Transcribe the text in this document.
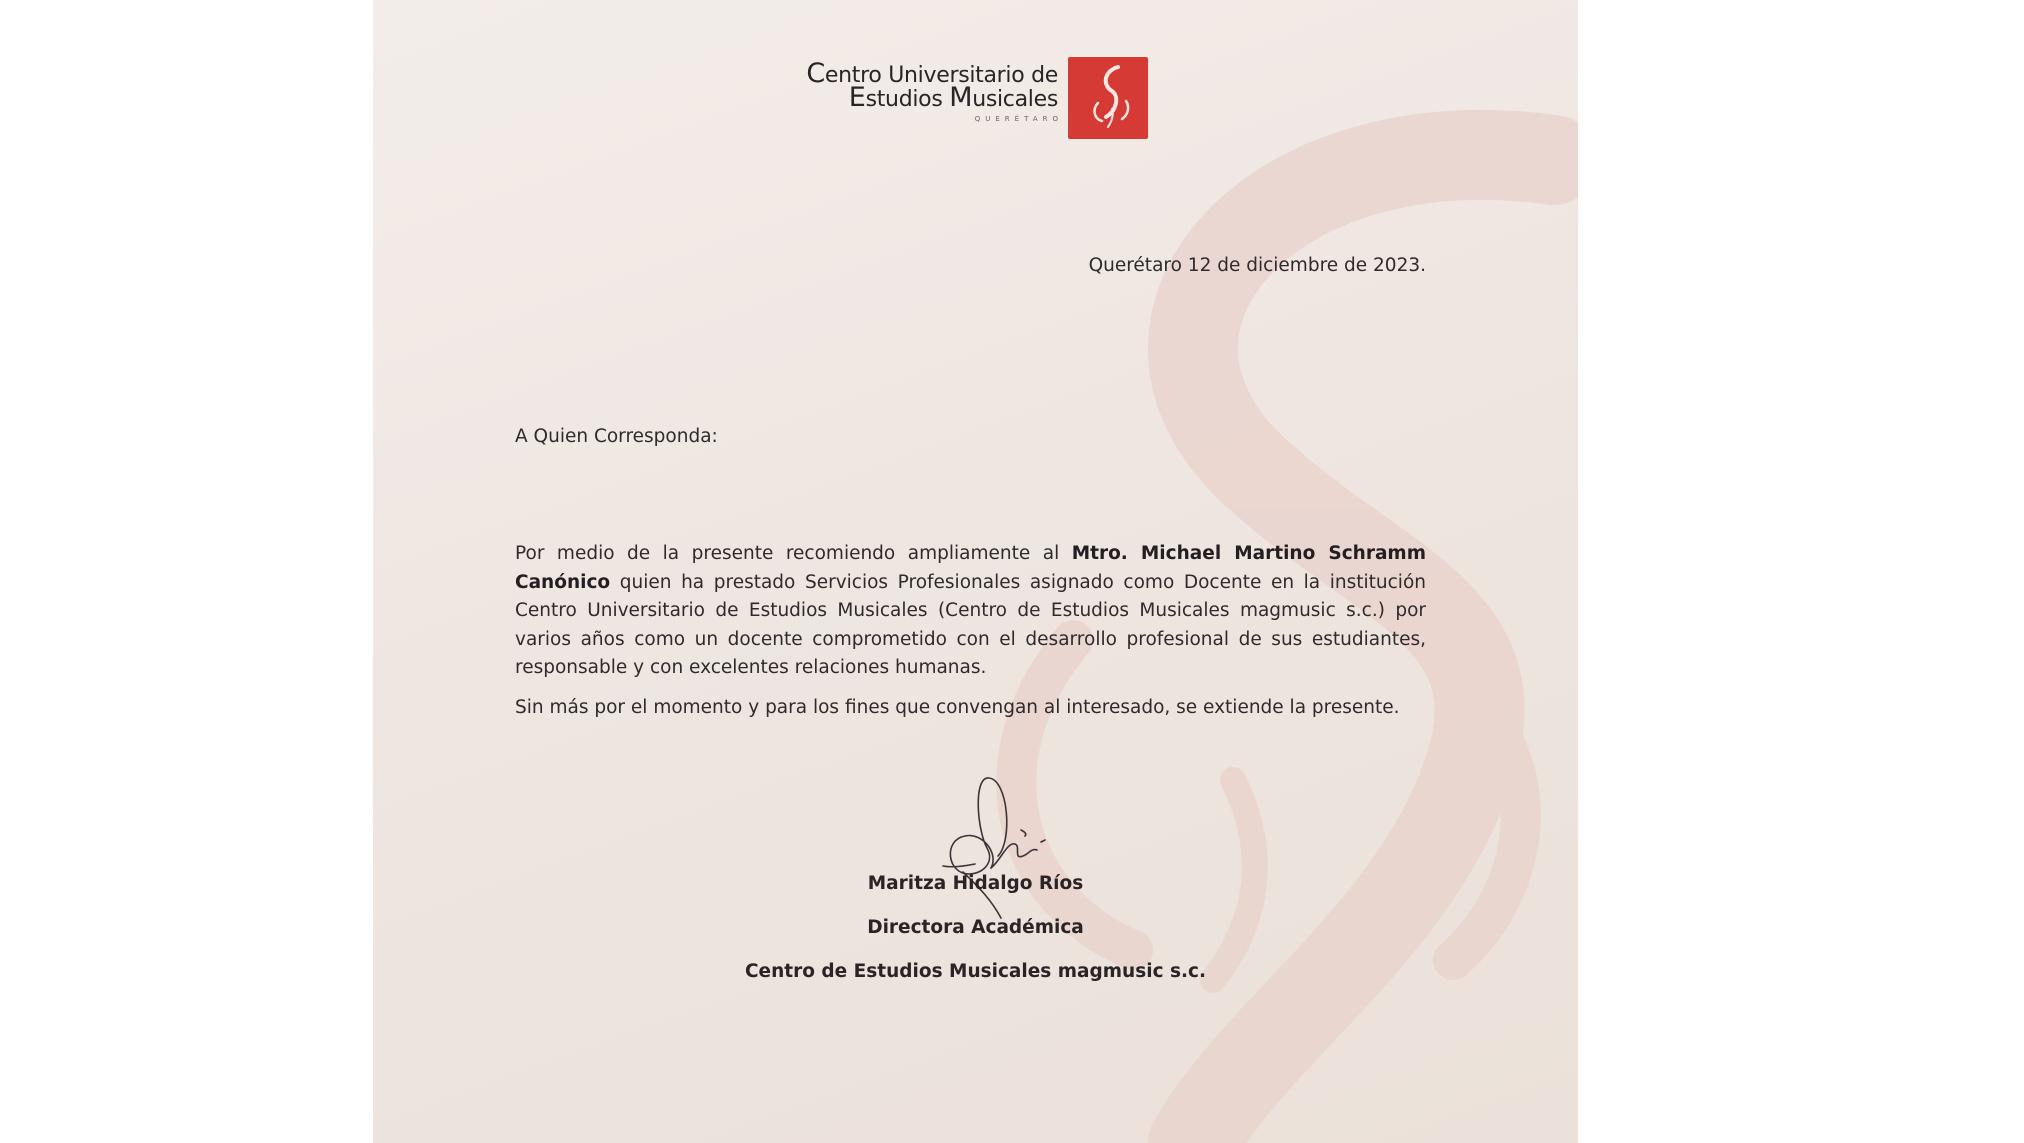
Centro Universitario de
Estudios Musicales
QUERÉTARO
Querétaro 12 de diciembre de 2023.
A Quien Corresponda:
Por medio de la presente recomiendo ampliamente al Mtro. Michael Martino Schramm Canónico quien ha prestado Servicios Profesionales asignado como Docente en la institución Centro Universitario de Estudios Musicales (Centro de Estudios Musicales magmusic s.c.) por varios años como un docente comprometido con el desarrollo profesional de sus estudiantes, responsable y con excelentes relaciones humanas.
Sin más por el momento y para los fines que convengan al interesado, se extiende la presente.
Maritza Hidalgo Ríos
Directora Académica
Centro de Estudios Musicales magmusic s.c.
